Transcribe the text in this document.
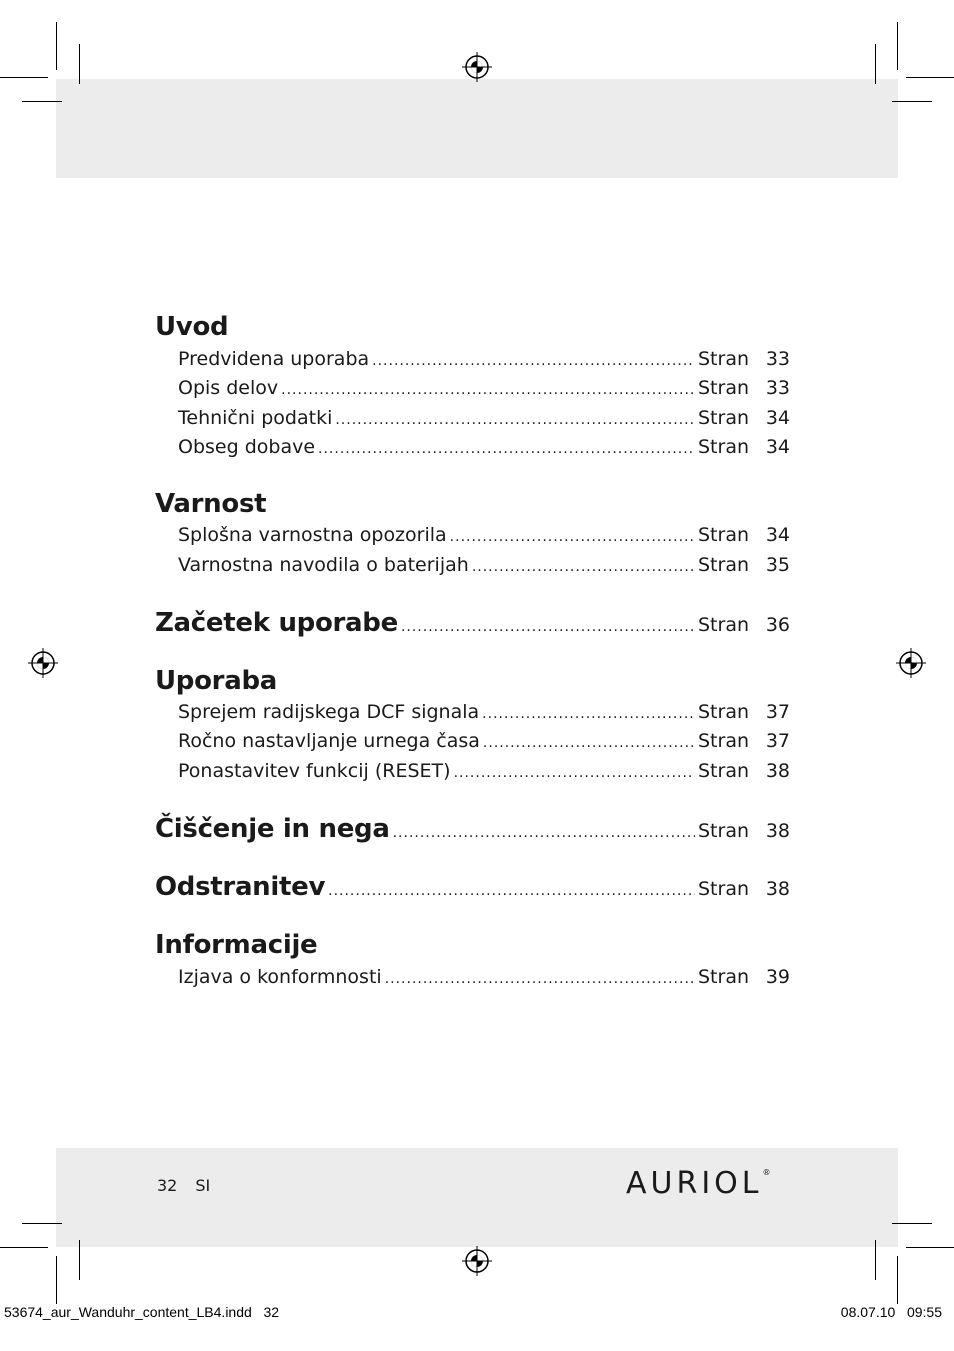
Uvod
Predvidena uporaba .....	Stran 33
Opis delov .....	Stran 33
Tehnični podatki .....	Stran 34
Obseg dobave .....	Stran 34
Varnost
Splošna varnostna opozorila .....	Stran 34
Varnostna navodila o baterijah .....	Stran 35
Začetek uporabe .....	Stran 36
Uporaba
Sprejem radijskega DCF signala .....	Stran 37
Ročno nastavljanje urnega časa .....	Stran 37
Ponastavitev funkcij (RESET) .....	Stran 38
Čiščenje in nega .....	Stran 38
Odstranitev .....	Stran 38
Informacije
Izjava o konformnosti .....	Stran 39
32 SI	AURIOL®
53674_aur_Wanduhr_content_LB4.indd   32	08.07.10   09:55
